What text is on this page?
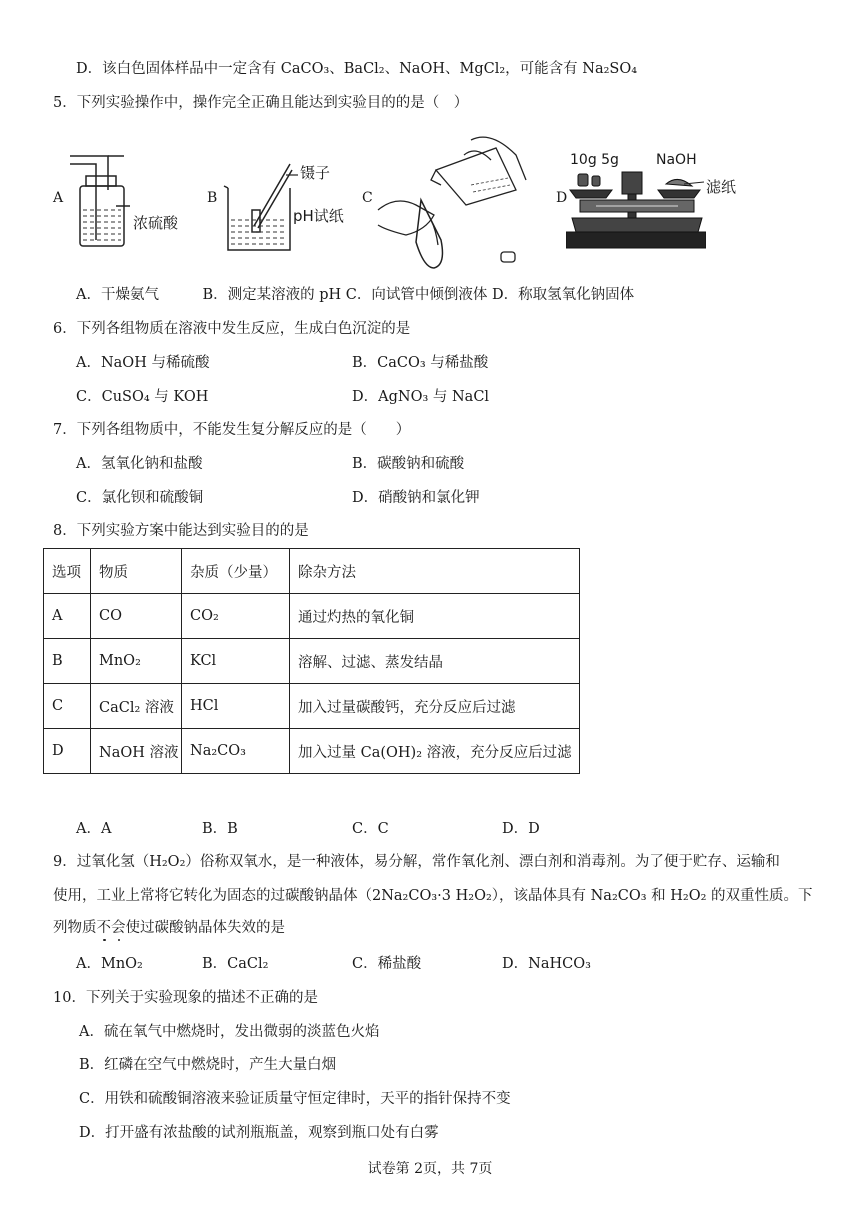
D．该白色固体样品中一定含有 CaCO₃、BaCl₂、NaOH、MgCl₂，可能含有 Na₂SO₄
5．下列实验操作中，操作完全正确且能达到实验目的的是（　）
A
浓硫酸
B
镊子
pH试纸
C	D
10g 5g	NaOH
滤纸
A．干燥氨气　　　B．测定某溶液的 pH C．向试管中倾倒液体 D．称取氢氧化钠固体
6．下列各组物质在溶液中发生反应，生成白色沉淀的是
A．NaOH 与稀硫酸	B．CaCO₃ 与稀盐酸
C．CuSO₄ 与 KOH	D．AgNO₃ 与 NaCl
7．下列各组物质中，不能发生复分解反应的是（　　）
A．氢氧化钠和盐酸	B．碳酸钠和硫酸
C．氯化钡和硫酸铜	D．硝酸钠和氯化钾
8．下列实验方案中能达到实验目的的是
选项	物质	杂质（少量）	除杂方法
A	CO	CO₂	通过灼热的氧化铜
B	MnO₂	KCl	溶解、过滤、蒸发结晶
C	CaCl₂ 溶液	HCl	加入过量碳酸钙，充分反应后过滤
D	NaOH 溶液	Na₂CO₃	加入过量 Ca(OH)₂ 溶液，充分反应后过滤
A．A	B．B	C．C	D．D
9．过氧化氢（H₂O₂）俗称双氧水，是一种液体，易分解，常作氧化剂、漂白剂和消毒剂。为了便于贮存、运输和
使用，工业上常将它转化为固态的过碳酸钠晶体（2Na₂CO₃·3 H₂O₂），该晶体具有 Na₂CO₃ 和 H₂O₂ 的双重性质。下
列物质不会使过碳酸钠晶体失效的是
A．MnO₂	B．CaCl₂	C．稀盐酸	D．NaHCO₃
10．下列关于实验现象的描述不正确的是
A．硫在氧气中燃烧时，发出微弱的淡蓝色火焰
B．红磷在空气中燃烧时，产生大量白烟
C．用铁和硫酸铜溶液来验证质量守恒定律时，天平的指针保持不变
D．打开盛有浓盐酸的试剂瓶瓶盖，观察到瓶口处有白雾
试卷第 2页，共 7页
